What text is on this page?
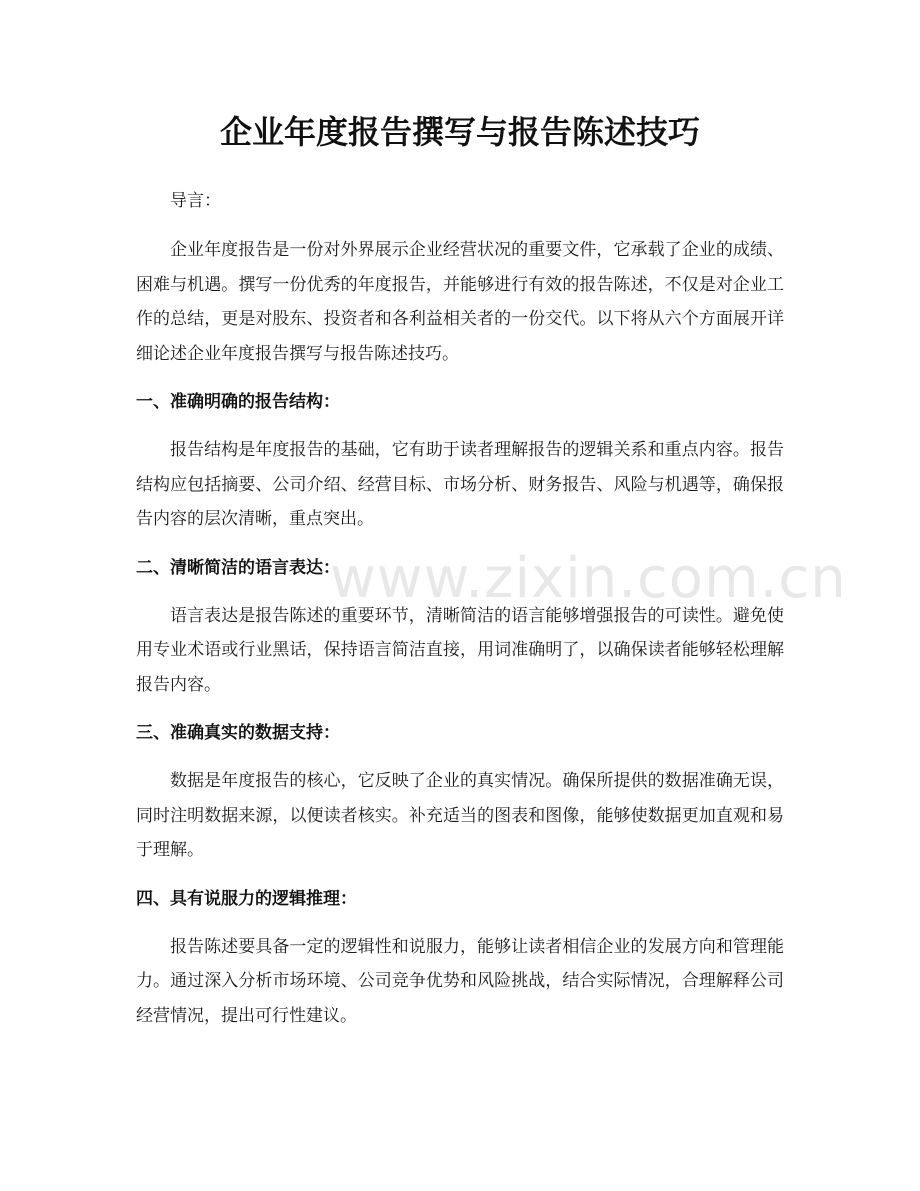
企业年度报告撰写与报告陈述技巧

导言：

企业年度报告是一份对外界展示企业经营状况的重要文件，它承载了企业的成绩、困难与机遇。撰写一份优秀的年度报告，并能够进行有效的报告陈述，不仅是对企业工作的总结，更是对股东、投资者和各利益相关者的一份交代。以下将从六个方面展开详细论述企业年度报告撰写与报告陈述技巧。

一、准确明确的报告结构：

报告结构是年度报告的基础，它有助于读者理解报告的逻辑关系和重点内容。报告结构应包括摘要、公司介绍、经营目标、市场分析、财务报告、风险与机遇等，确保报告内容的层次清晰，重点突出。

二、清晰简洁的语言表达：

语言表达是报告陈述的重要环节，清晰简洁的语言能够增强报告的可读性。避免使用专业术语或行业黑话，保持语言简洁直接，用词准确明了，以确保读者能够轻松理解报告内容。

三、准确真实的数据支持：

数据是年度报告的核心，它反映了企业的真实情况。确保所提供的数据准确无误，同时注明数据来源，以便读者核实。补充适当的图表和图像，能够使数据更加直观和易于理解。

四、具有说服力的逻辑推理：

报告陈述要具备一定的逻辑性和说服力，能够让读者相信企业的发展方向和管理能力。通过深入分析市场环境、公司竞争优势和风险挑战，结合实际情况，合理解释公司经营情况，提出可行性建议。

www.zixin.com.cn
